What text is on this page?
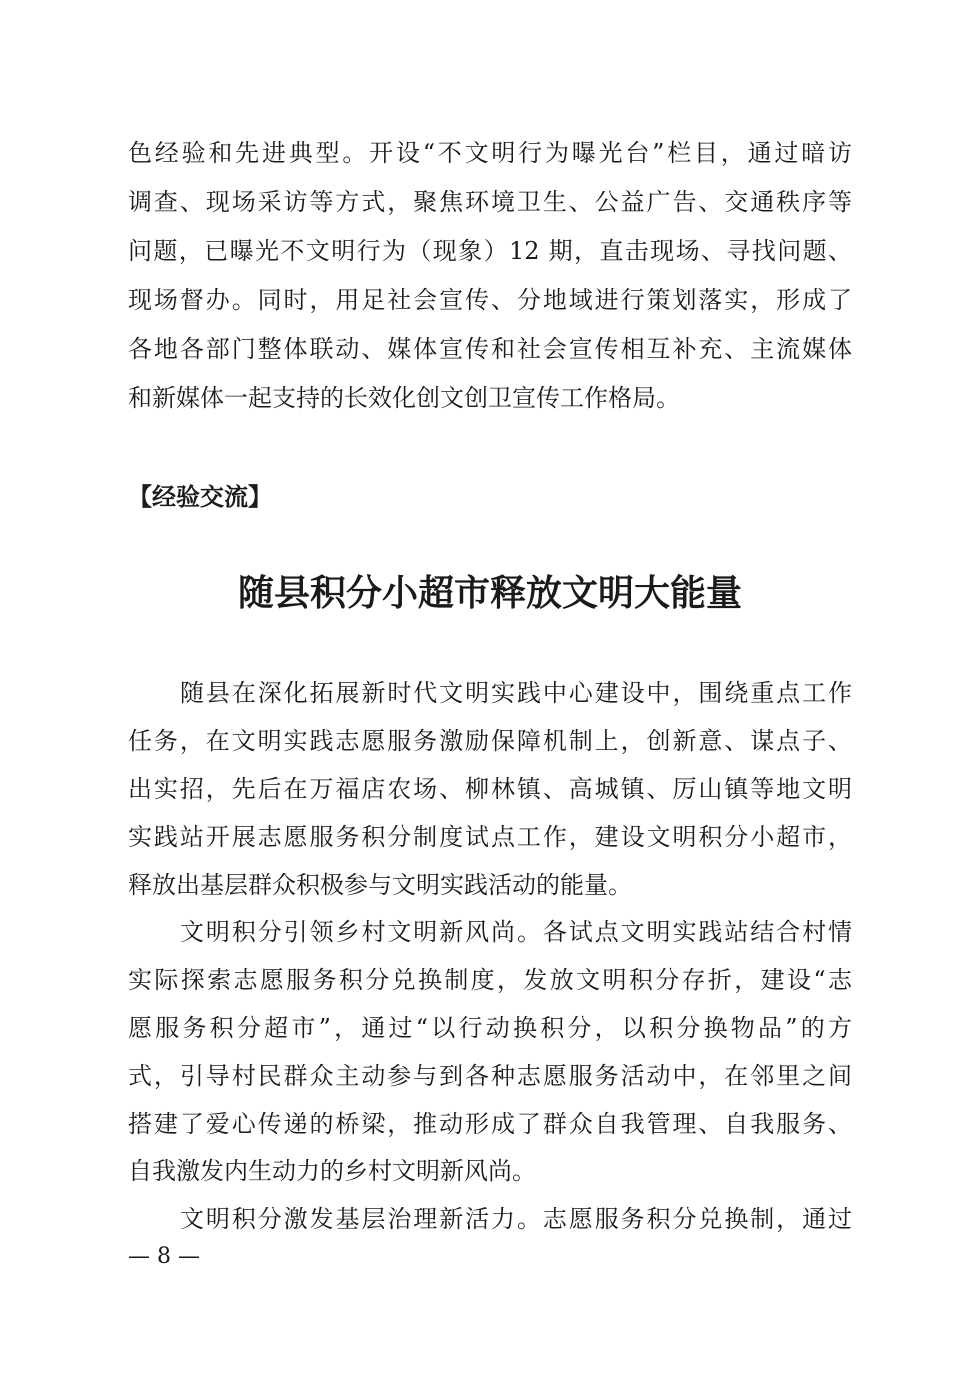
色经验和先进典型。开设“不文明行为曝光台”栏目，通过暗访
调查、现场采访等方式，聚焦环境卫生、公益广告、交通秩序等
问题，已曝光不文明行为（现象）12 期，直击现场、寻找问题、
现场督办。同时，用足社会宣传、分地域进行策划落实，形成了
各地各部门整体联动、媒体宣传和社会宣传相互补充、主流媒体
和新媒体一起支持的长效化创文创卫宣传工作格局。
【经验交流】
随县积分小超市释放文明大能量
随县在深化拓展新时代文明实践中心建设中，围绕重点工作
任务，在文明实践志愿服务激励保障机制上，创新意、谋点子、
出实招，先后在万福店农场、柳林镇、高城镇、厉山镇等地文明
实践站开展志愿服务积分制度试点工作，建设文明积分小超市，
释放出基层群众积极参与文明实践活动的能量。
文明积分引领乡村文明新风尚。各试点文明实践站结合村情
实际探索志愿服务积分兑换制度，发放文明积分存折，建设“志
愿服务积分超市”，通过“以行动换积分，以积分换物品”的方
式，引导村民群众主动参与到各种志愿服务活动中，在邻里之间
搭建了爱心传递的桥梁，推动形成了群众自我管理、自我服务、
自我激发内生动力的乡村文明新风尚。
文明积分激发基层治理新活力。志愿服务积分兑换制，通过
— 8 —
